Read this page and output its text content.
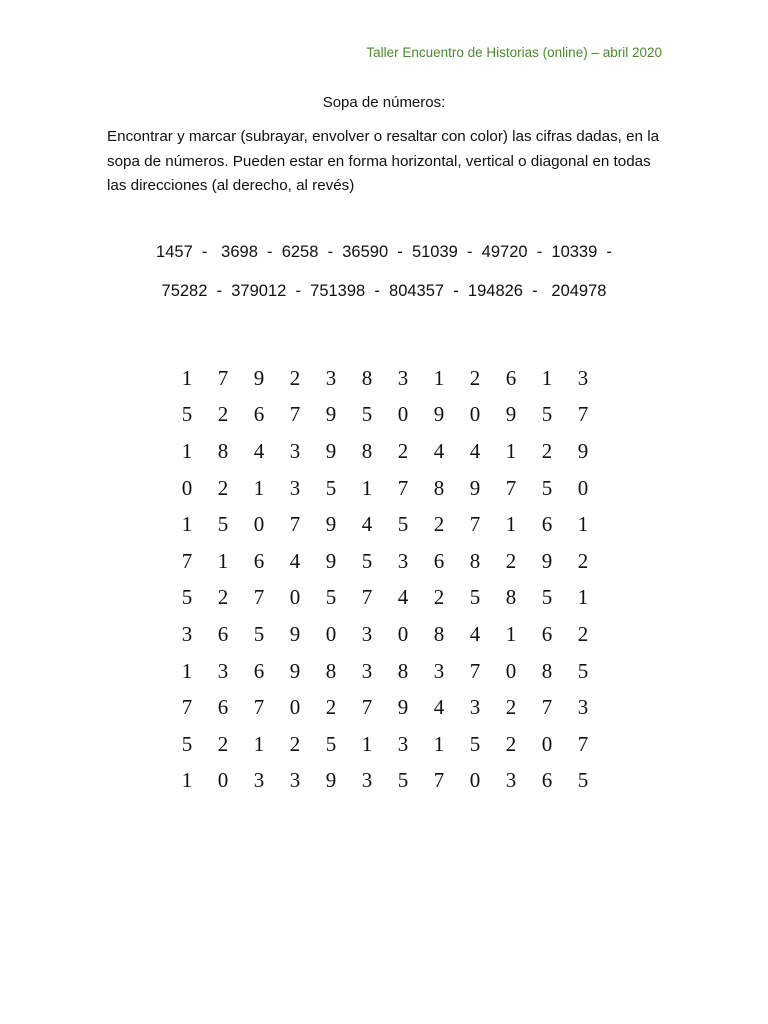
Taller Encuentro de Historias (online) – abril 2020
Sopa de números:
Encontrar y marcar (subrayar, envolver o resaltar con color) las cifras dadas, en la sopa de números. Pueden estar en forma horizontal, vertical o diagonal en todas las direcciones (al derecho, al revés)
1457  -   3698  -  6258  -  36590  -  51039  -  49720  -  10339  -
75282  -  379012  -  751398  -  804357  -  194826  -   204978
1	7	9	2	3	8	3	1	2	6	1	3
5	2	6	7	9	5	0	9	0	9	5	7
1	8	4	3	9	8	2	4	4	1	2	9
0	2	1	3	5	1	7	8	9	7	5	0
1	5	0	7	9	4	5	2	7	1	6	1
7	1	6	4	9	5	3	6	8	2	9	2
5	2	7	0	5	7	4	2	5	8	5	1
3	6	5	9	0	3	0	8	4	1	6	2
1	3	6	9	8	3	8	3	7	0	8	5
7	6	7	0	2	7	9	4	3	2	7	3
5	2	1	2	5	1	3	1	5	2	0	7
1	0	3	3	9	3	5	7	0	3	6	5
